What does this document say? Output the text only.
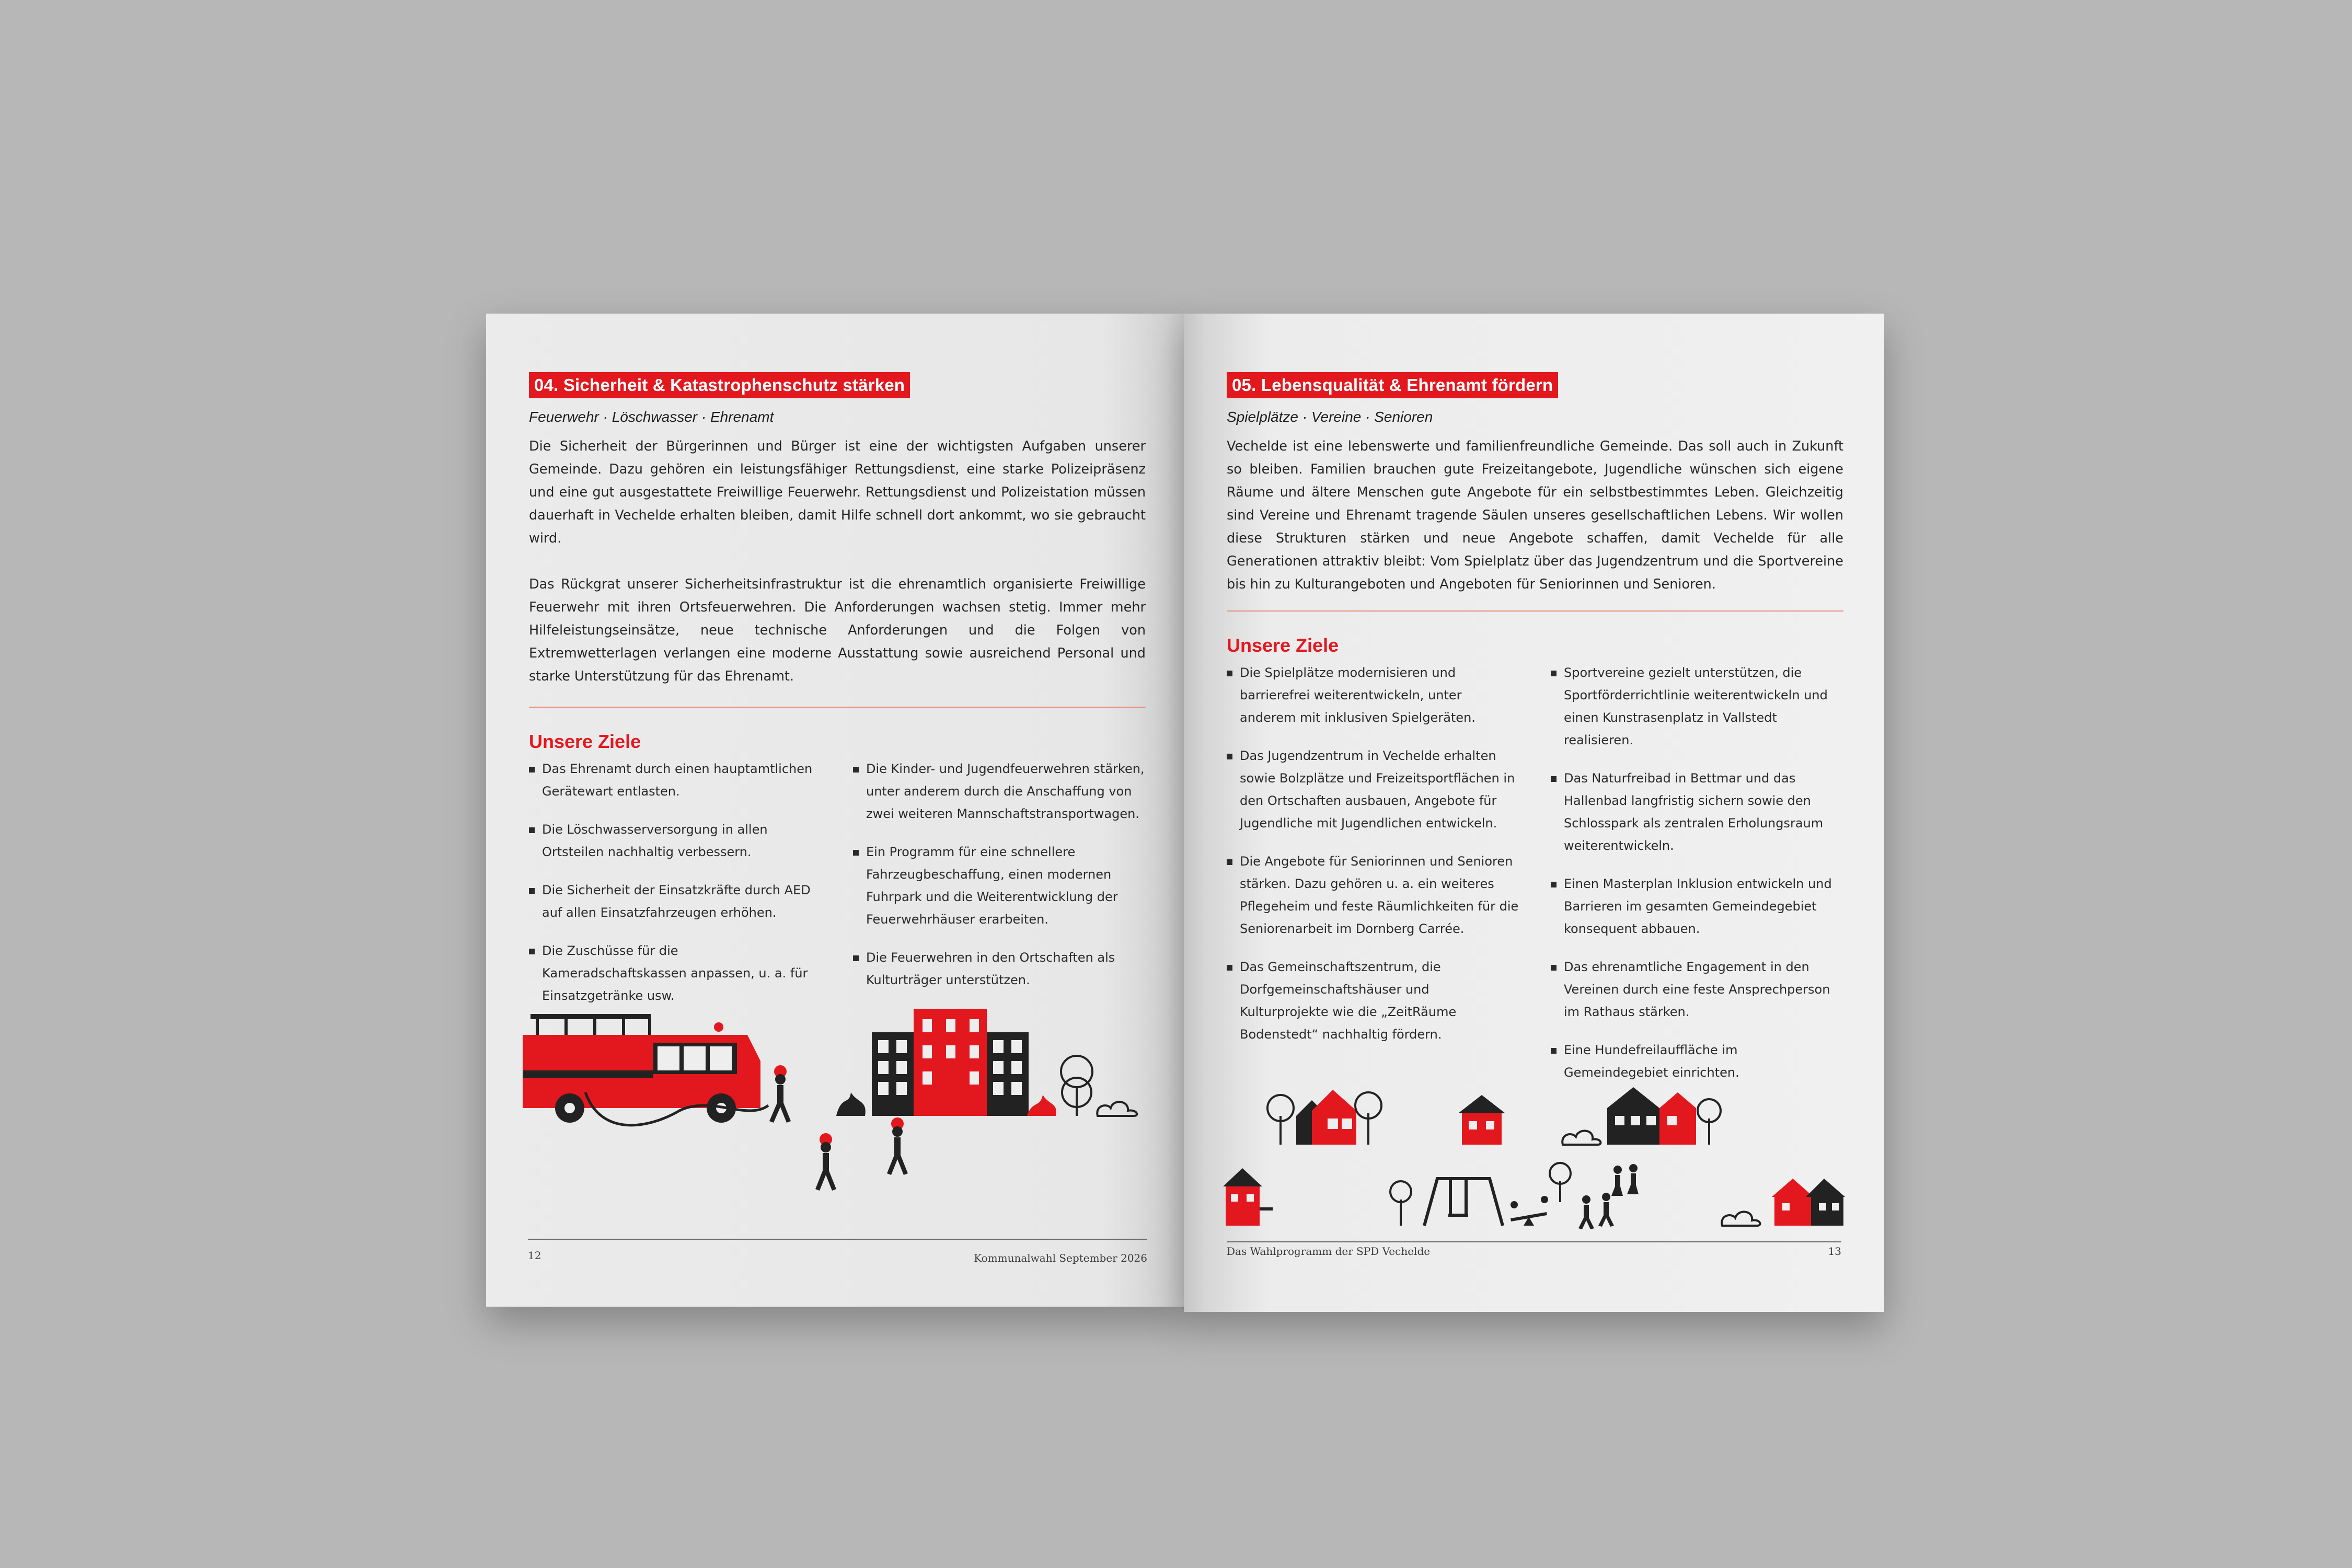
04. Sicherheit & Katastrophenschutz stärken
Feuerwehr · Löschwasser · Ehrenamt

Die Sicherheit der Bürgerinnen und Bürger ist eine der wichtigsten Aufgaben unserer Gemeinde. Dazu gehören ein leistungsfähiger Rettungsdienst, eine starke Polizeipräsenz und eine gut ausgestattete Freiwillige Feuerwehr. Rettungsdienst und Polizeistation müssen dauerhaft in Vechelde erhalten bleiben, damit Hilfe schnell dort ankommt, wo sie gebraucht wird.

Das Rückgrat unserer Sicherheitsinfrastruktur ist die ehrenamtlich organisierte Freiwillige Feuerwehr mit ihren Ortsfeuerwehren. Die Anforderungen wachsen stetig. Immer mehr Hilfeleistungseinsätze, neue technische Anforderungen und die Folgen von Extremwetterlagen verlangen eine moderne Ausstattung sowie ausreichend Personal und starke Unterstützung für das Ehrenamt.

Unsere Ziele
Das Ehrenamt durch einen hauptamtlichen Gerätewart entlasten.
Die Löschwasserversorgung in allen Ortsteilen nachhaltig verbessern.
Die Sicherheit der Einsatzkräfte durch AED auf allen Einsatzfahrzeugen erhöhen.
Die Zuschüsse für die Kameradschaftskassen anpassen, u. a. für Einsatzgetränke usw.
Die Kinder- und Jugendfeuerwehren stärken, unter anderem durch die Anschaffung von zwei weiteren Mannschaftstransportwagen.
Ein Programm für eine schnellere Fahrzeugbeschaffung, einen modernen Fuhrpark und die Weiterentwicklung der Feuerwehrhäuser erarbeiten.
Die Feuerwehren in den Ortschaften als Kulturträger unterstützen.
12	Kommunalwahl September 2026
05. Lebensqualität & Ehrenamt fördern
Spielplätze · Vereine · Senioren

Vechelde ist eine lebenswerte und familienfreundliche Gemeinde. Das soll auch in Zukunft so bleiben. Familien brauchen gute Freizeitangebote, Jugendliche wünschen sich eigene Räume und ältere Menschen gute Angebote für ein selbstbestimmtes Leben. Gleichzeitig sind Vereine und Ehrenamt tragende Säulen unseres gesellschaftlichen Lebens. Wir wollen diese Strukturen stärken und neue Angebote schaffen, damit Vechelde für alle Generationen attraktiv bleibt: Vom Spielplatz über das Jugendzentrum und die Sportvereine bis hin zu Kulturangeboten und Angeboten für Seniorinnen und Senioren.

Unsere Ziele
Die Spielplätze modernisieren und barrierefrei weiterentwickeln, unter anderem mit inklusiven Spielgeräten.
Das Jugendzentrum in Vechelde erhalten sowie Bolzplätze und Freizeitsportflächen in den Ortschaften ausbauen, Angebote für Jugendliche mit Jugendlichen entwickeln.
Die Angebote für Seniorinnen und Senioren stärken. Dazu gehören u. a. ein weiteres Pflegeheim und feste Räumlichkeiten für die Seniorenarbeit im Dornberg Carrée.
Das Gemeinschaftszentrum, die Dorfgemeinschaftshäuser und Kulturprojekte wie die „ZeitRäume Bodenstedt“ nachhaltig fördern.
Sportvereine gezielt unterstützen, die Sportförderrichtlinie weiterentwickeln und einen Kunstrasenplatz in Vallstedt realisieren.
Das Naturfreibad in Bettmar und das Hallenbad langfristig sichern sowie den Schlosspark als zentralen Erholungsraum weiterentwickeln.
Einen Masterplan Inklusion entwickeln und Barrieren im gesamten Gemeindegebiet konsequent abbauen.
Das ehrenamtliche Engagement in den Vereinen durch eine feste Ansprechperson im Rathaus stärken.
Eine Hundefreilauffläche im Gemeindegebiet einrichten.
Das Wahlprogramm der SPD Vechelde	13
